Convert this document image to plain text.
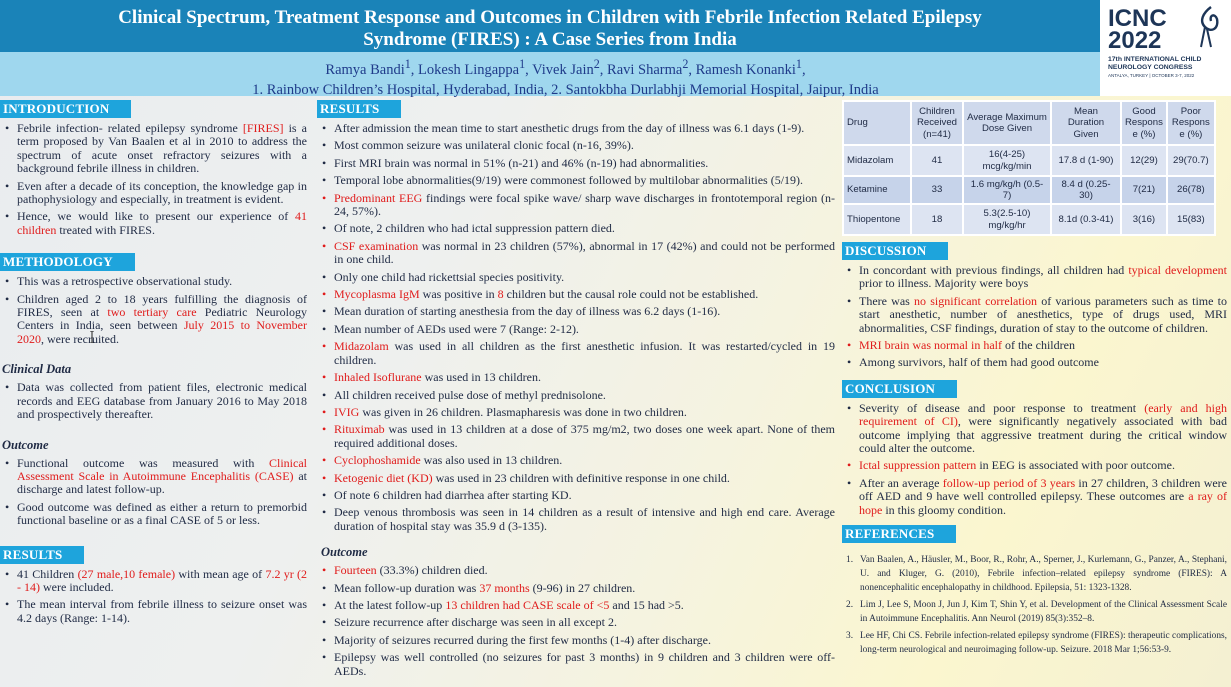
Clinical Spectrum, Treatment Response and Outcomes in Children with Febrile Infection Related Epilepsy
Syndrome (FIRES) : A Case Series from India
Ramya Bandi$^1$, Lokesh Lingappa$^1$, Vivek Jain$^2$, Ravi Sharma$^2$, Ramesh Konanki$^1$,
1. Rainbow Children’s Hospital, Hyderabad, India, 2. Santokbha Durlabhji Memorial Hospital, Jaipur, India
ICNC
2022
17th INTERNATIONAL CHILD
NEUROLOGY CONGRESS
ANTALYA, TURKEY | OCTOBER 3-7, 2022
INTRODUCTION
• Febrile infection- related epilepsy syndrome [FIRES] is a term proposed by Van Baalen et al in 2010 to address the spectrum of acute onset refractory seizures with a background febrile illness in children.
• Even after a decade of its conception, the knowledge gap in pathophysiology and especially, in treatment is evident.
• Hence, we would like to present our experience of 41 children treated with FIRES.
METHODOLOGY
• This was a retrospective observational study.
• Children aged 2 to 18 years fulfilling the diagnosis of FIRES, seen at two tertiary care Pediatric Neurology Centers in India, seen between July 2015 to November 2020, were recruited.
Clinical Data
• Data was collected from patient files, electronic medical records and EEG database from January 2016 to May 2018 and prospectively thereafter.
Outcome
• Functional outcome was measured with Clinical Assessment Scale in Autoimmune Encephalitis (CASE) at discharge and latest follow-up.
• Good outcome was defined as either a return to premorbid functional baseline or as a final CASE of 5 or less.
RESULTS
• 41 Children (27 male,10 female) with mean age of 7.2 yr (2 - 14) were included.
• The mean interval from febrile illness to seizure onset was 4.2 days (Range: 1-14).
RESULTS
• After admission the mean time to start anesthetic drugs from the day of illness was 6.1 days (1-9).
• Most common seizure was unilateral clonic focal (n-16, 39%).
• First MRI brain was normal in 51% (n-21) and 46% (n-19) had abnormalities.
• Temporal lobe abnormalities(9/19) were commonest followed by multilobar abnormalities (5/19).
• Predominant EEG findings were focal spike wave/ sharp wave discharges in frontotemporal region (n-24, 57%).
• Of note, 2 children who had ictal suppression pattern died.
• CSF examination was normal in 23 children (57%), abnormal in 17 (42%) and could not be performed in one child.
• Only one child had rickettsial species positivity.
• Mycoplasma IgM was positive in 8 children but the causal role could not be established.
• Mean duration of starting anesthesia from the day of illness was 6.2 days (1-16).
• Mean number of AEDs used were 7 (Range: 2-12).
• Midazolam was used in all children as the first anesthetic infusion. It was restarted/cycled in 19 children.
• Inhaled Isoflurane was used in 13 children.
• All children received pulse dose of methyl prednisolone.
• IVIG was given in 26 children. Plasmapharesis was done in two children.
• Rituximab was used in 13 children at a dose of 375 mg/m2, two doses one week apart. None of them required additional doses.
• Cyclophoshamide was also used in 13 children.
• Ketogenic diet (KD) was used in 23 children with definitive response in one child.
• Of note 6 children had diarrhea after starting KD.
• Deep venous thrombosis was seen in 14 children as a result of intensive and high end care. Average duration of hospital stay was 35.9 d (3-135).
Outcome
• Fourteen (33.3%) children died.
• Mean follow-up duration was 37 months (9-96) in 27 children.
• At the latest follow-up 13 children had CASE scale of <5 and 15 had >5.
• Seizure recurrence after discharge was seen in all except 2.
• Majority of seizures recurred during the first few months (1-4) after discharge.
• Epilepsy was well controlled (no seizures for past 3 months) in 9 children and 3 children were off-AEDs.
Drug	Children Received (n=41)	Average Maximum Dose Given	Mean Duration Given	Good Respons e (%)	Poor Respons e (%)
Midazolam	41	16(4-25) mcg/kg/min	17.8 d (1-90)	12(29)	29(70.7)
Ketamine	33	1.6 mg/kg/h (0.5-7)	8.4 d (0.25-30)	7(21)	26(78)
Thiopentone	18	5.3(2.5-10) mg/kg/hr	8.1d (0.3-41)	3(16)	15(83)
DISCUSSION
• In concordant with previous findings, all children had typical development prior to illness. Majority were boys
• There was no significant correlation of various parameters such as time to start anesthetic, number of anesthetics, type of drugs used, MRI abnormalities, CSF findings, duration of stay to the outcome of children.
• MRI brain was normal in half of the children
• Among survivors, half of them had good outcome
CONCLUSION
• Severity of disease and poor response to treatment (early and high requirement of CI), were significantly negatively associated with bad outcome implying that aggressive treatment during the critical window could alter the outcome.
• Ictal suppression pattern in EEG is associated with poor outcome.
• After an average follow-up period of 3 years in 27 children, 3 children were off AED and 9 have well controlled epilepsy. These outcomes are a ray of hope in this gloomy condition.
REFERENCES
1. Van Baalen, A., Häusler, M., Boor, R., Rohr, A., Sperner, J., Kurlemann, G., Panzer, A., Stephani, U. and Kluger, G. (2010), Febrile infection–related epilepsy syndrome (FIRES): A nonencephalitic encephalopathy in childhood. Epilepsia, 51: 1323-1328.
2. Lim J, Lee S, Moon J, Jun J, Kim T, Shin Y, et al. Development of the Clinical Assessment Scale in Autoimmune Encephalitis. Ann Neurol (2019) 85(3):352–8.
3. Lee HF, Chi CS. Febrile infection-related epilepsy syndrome (FIRES): therapeutic complications, long-term neurological and neuroimaging follow-up. Seizure. 2018 Mar 1;56:53-9.
